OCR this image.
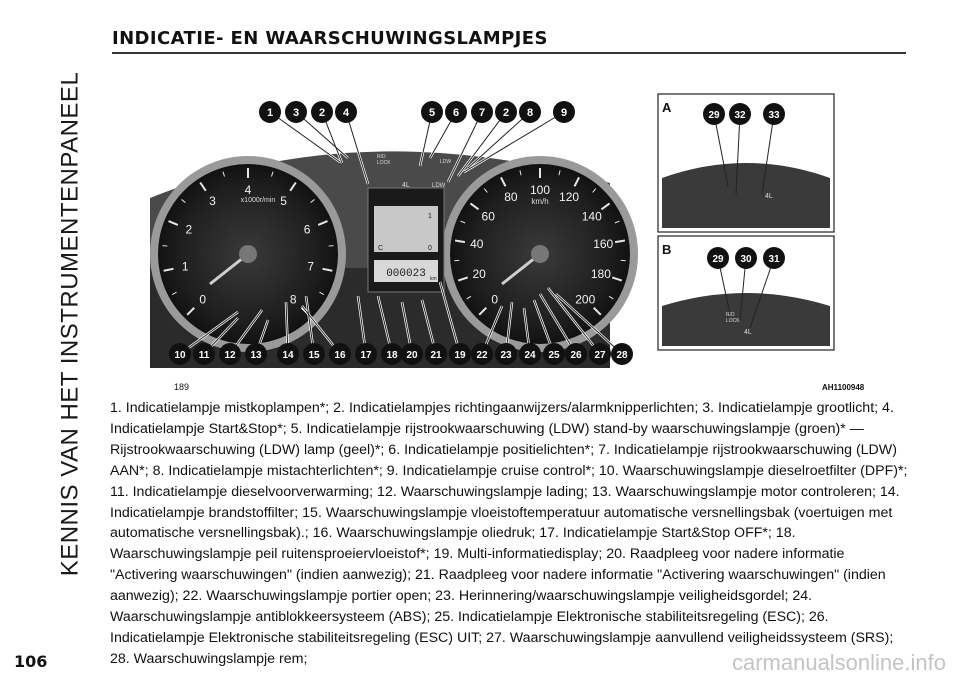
KENNIS VAN HET INSTRUMENTENPANEEL
INDICATIE- EN WAARSCHUWINGSLAMPJES
0
1
2
3
4
5
6
7
8
x1000r/min
0
20
40
60
80 100 120
140
160
180
200
km/h
000023 km
C	0
1
R/D
LOCK
4L	LDW
LDW
1 3 2 4	5 6 7 2 8	9
10 11 12 13 14 15 16 17 18 20 21 19 22 23 24 25 26 27 28
A
4L
29 32 33
B
R/D
LOCK
4L
29 30 31
189	AH1100948
1. Indicatielampje mistkoplampen*; 2. Indicatielampjes richtingaanwijzers/alarmknipperlichten; 3. Indicatielampje grootlicht; 4. Indicatielampje Start&Stop*; 5. Indicatielampje rijstrookwaarschuwing (LDW) stand-by waarschuwingslampje (groen)* — Rijstrookwaarschuwing (LDW) lamp (geel)*; 6. Indicatielampje positielichten*; 7. Indicatielampje rijstrookwaarschuwing (LDW) AAN*; 8. Indicatielampje mistachterlichten*; 9. Indicatielampje cruise control*; 10. Waarschuwingslampje dieselroetfilter (DPF)*; 11. Indicatielampje dieselvoorverwarming; 12. Waarschuwingslampje lading; 13. Waarschuwingslampje motor controleren; 14. Indicatielampje brandstoffilter; 15. Waarschuwingslampje vloeistoftemperatuur automatische versnellingsbak (voertuigen met automatische versnellingsbak).; 16. Waarschuwingslampje oliedruk; 17. Indicatielampje Start&Stop OFF*; 18. Waarschuwingslampje peil ruitensproeiervloeistof*; 19. Multi-informatiedisplay; 20. Raadpleeg voor nadere informatie "Activering waarschuwingen" (indien aanwezig); 21. Raadpleeg voor nadere informatie "Activering waarschuwingen" (indien aanwezig); 22. Waarschuwingslampje portier open; 23. Herinnering/waarschuwingslampje veiligheidsgordel; 24. Waarschuwingslampje antiblokkeersysteem (ABS); 25. Indicatielampje Elektronische stabiliteitsregeling (ESC); 26. Indicatielampje Elektronische stabiliteitsregeling (ESC) UIT; 27. Waarschuwingslampje aanvullend veiligheidssysteem (SRS); 28. Waarschuwingslampje rem;
106	carmanualsonline.info
